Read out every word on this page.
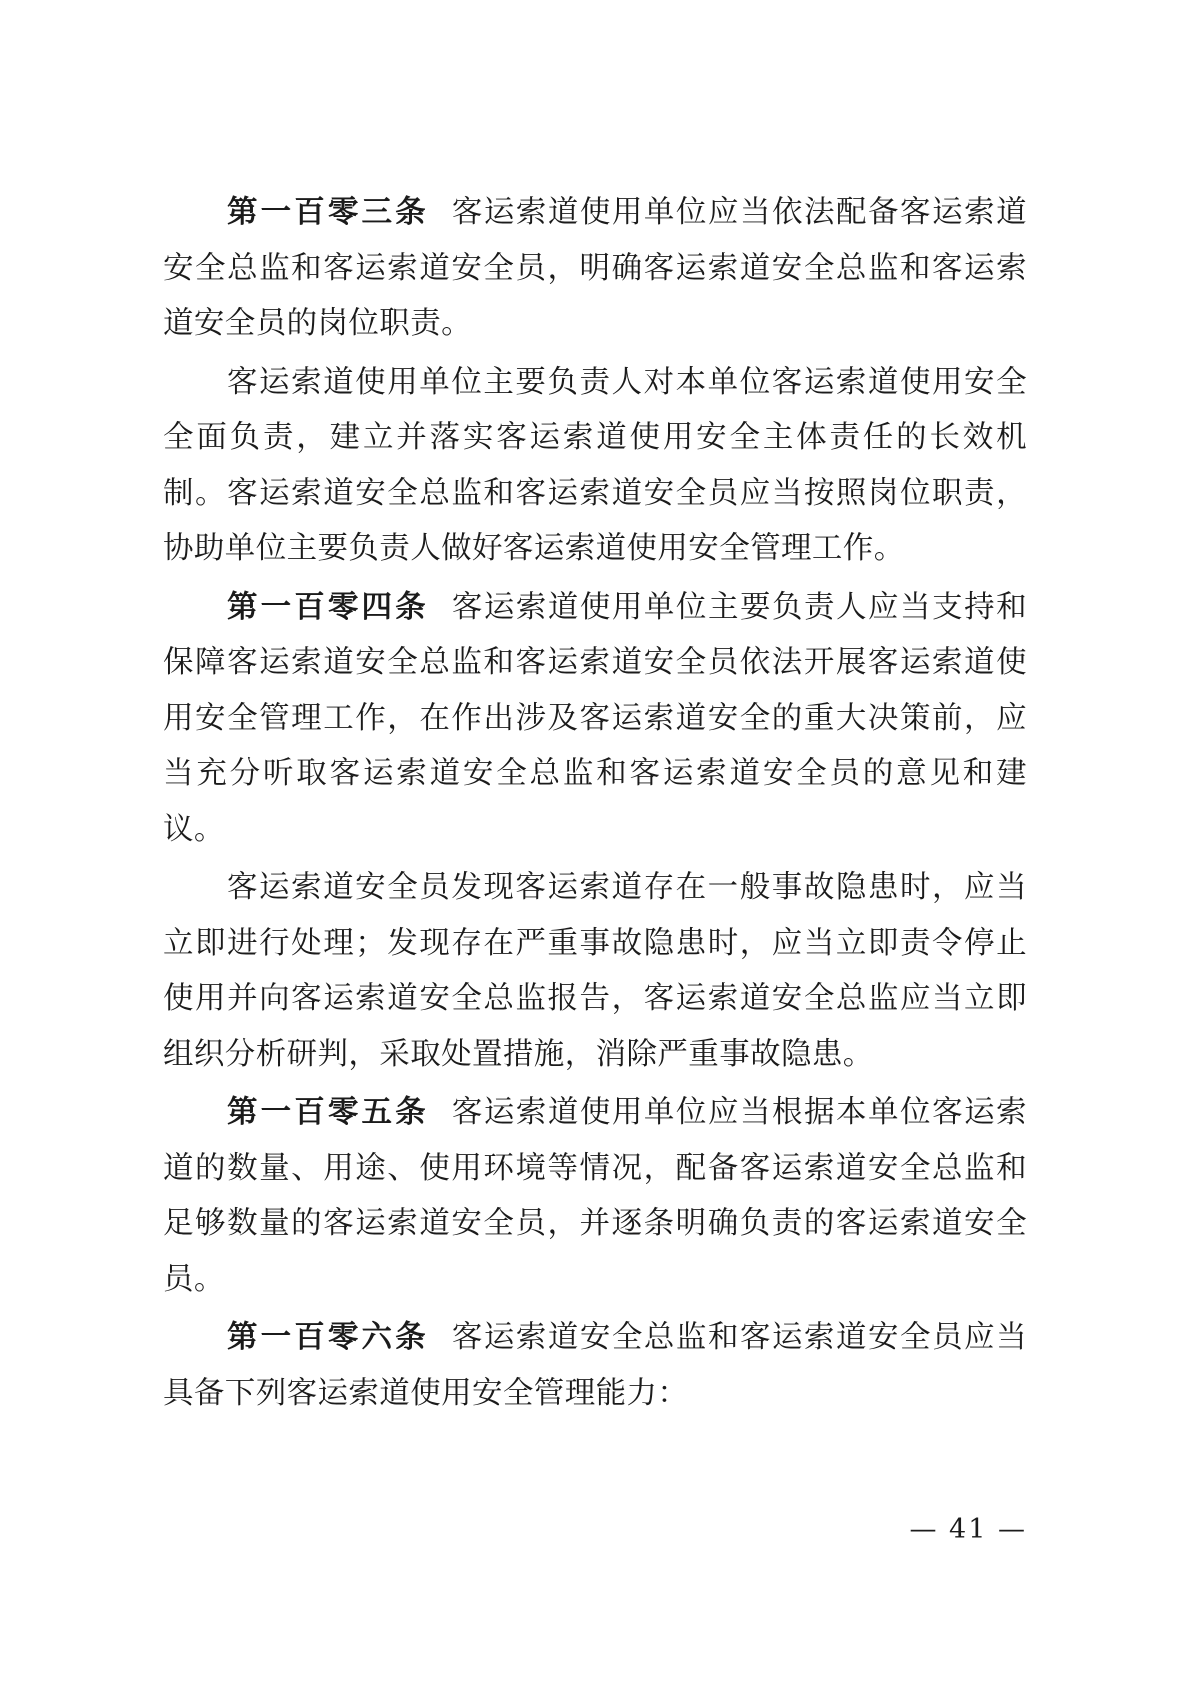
第一百零三条 客运索道使用单位应当依法配备客运索道安全总监和客运索道安全员，明确客运索道安全总监和客运索道安全员的岗位职责。

客运索道使用单位主要负责人对本单位客运索道使用安全全面负责，建立并落实客运索道使用安全主体责任的长效机制。客运索道安全总监和客运索道安全员应当按照岗位职责，协助单位主要负责人做好客运索道使用安全管理工作。

第一百零四条 客运索道使用单位主要负责人应当支持和保障客运索道安全总监和客运索道安全员依法开展客运索道使用安全管理工作，在作出涉及客运索道安全的重大决策前，应当充分听取客运索道安全总监和客运索道安全员的意见和建议。

客运索道安全员发现客运索道存在一般事故隐患时，应当立即进行处理；发现存在严重事故隐患时，应当立即责令停止使用并向客运索道安全总监报告，客运索道安全总监应当立即组织分析研判，采取处置措施，消除严重事故隐患。

第一百零五条 客运索道使用单位应当根据本单位客运索道的数量、用途、使用环境等情况，配备客运索道安全总监和足够数量的客运索道安全员，并逐条明确负责的客运索道安全员。

第一百零六条 客运索道安全总监和客运索道安全员应当具备下列客运索道使用安全管理能力：

— 41 —
